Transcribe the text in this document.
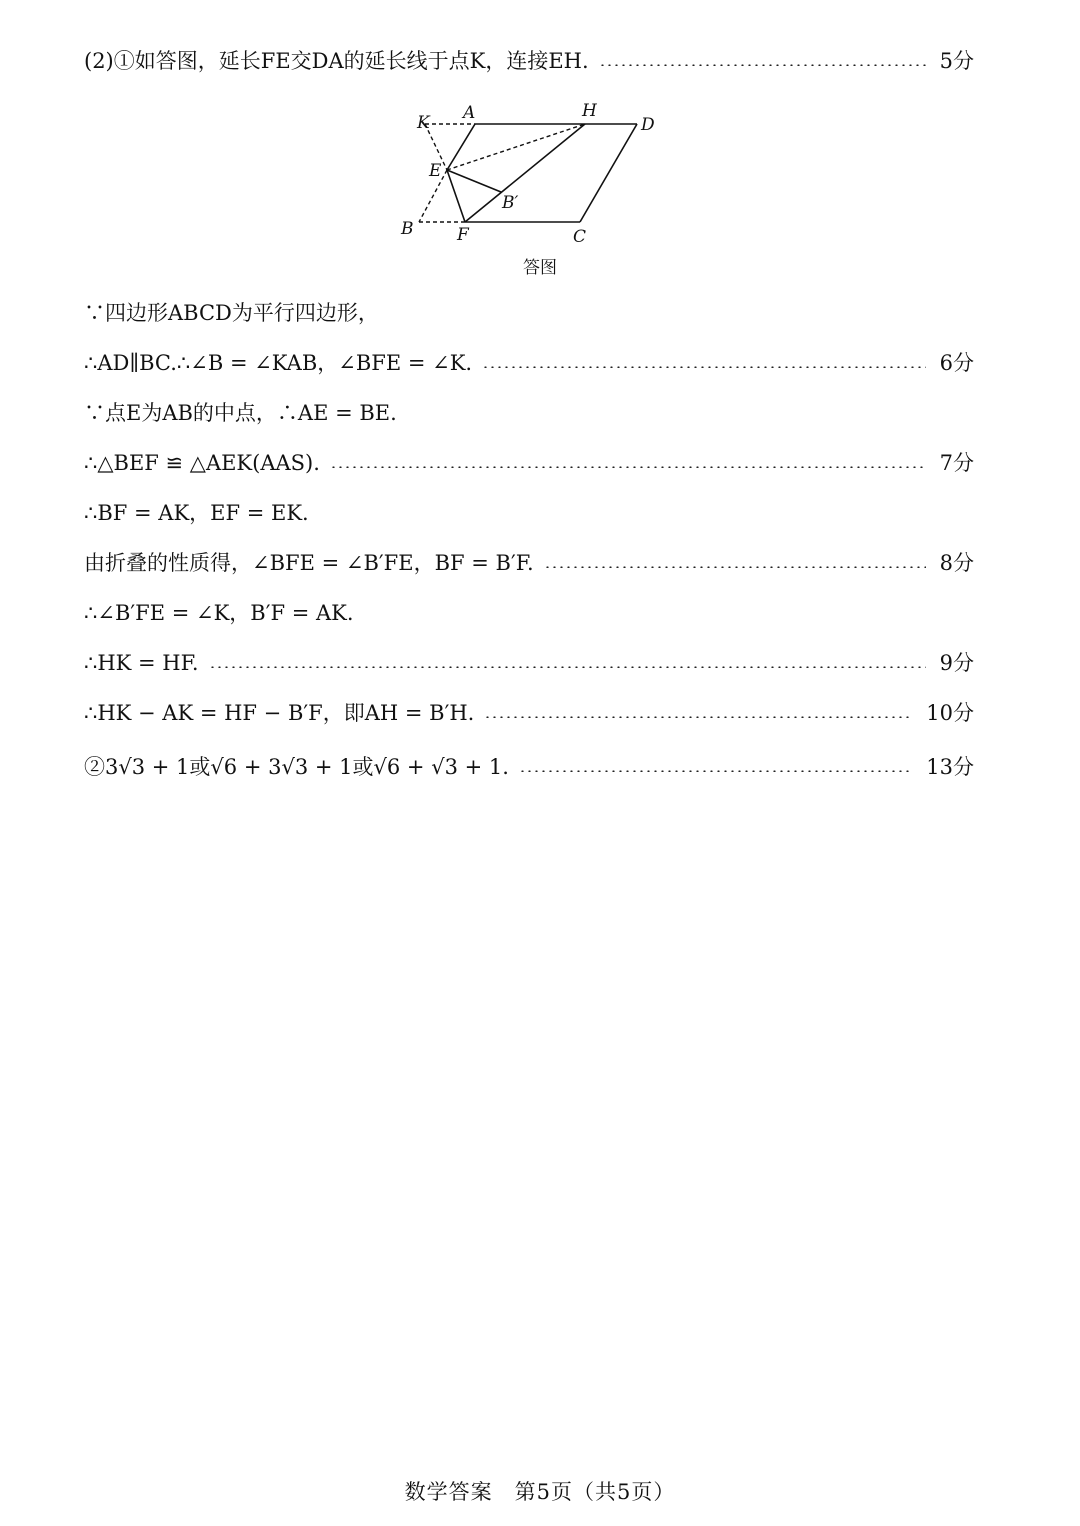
(2)①如答图，延长FE交DA的延长线于点K，连接EH.	5分
K A	H
D
E
B′
B	F	C
答图
∵四边形ABCD为平行四边形，
∴AD∥BC.∴∠B = ∠KAB，∠BFE = ∠K.	6分
∵点E为AB的中点，∴AE = BE.
∴△BEF ≌ △AEK(AAS).	7分
∴BF = AK，EF = EK.
由折叠的性质得，∠BFE = ∠B′FE，BF = B′F.	8分
∴∠B′FE = ∠K，B′F = AK.
∴HK = HF.	9分
∴HK − AK = HF − B′F，即AH = B′H.	10分
②3√3 + 1或√6 + 3√3 + 1或√6 + √3 + 1.	13分
数学答案　第5页（共5页）
